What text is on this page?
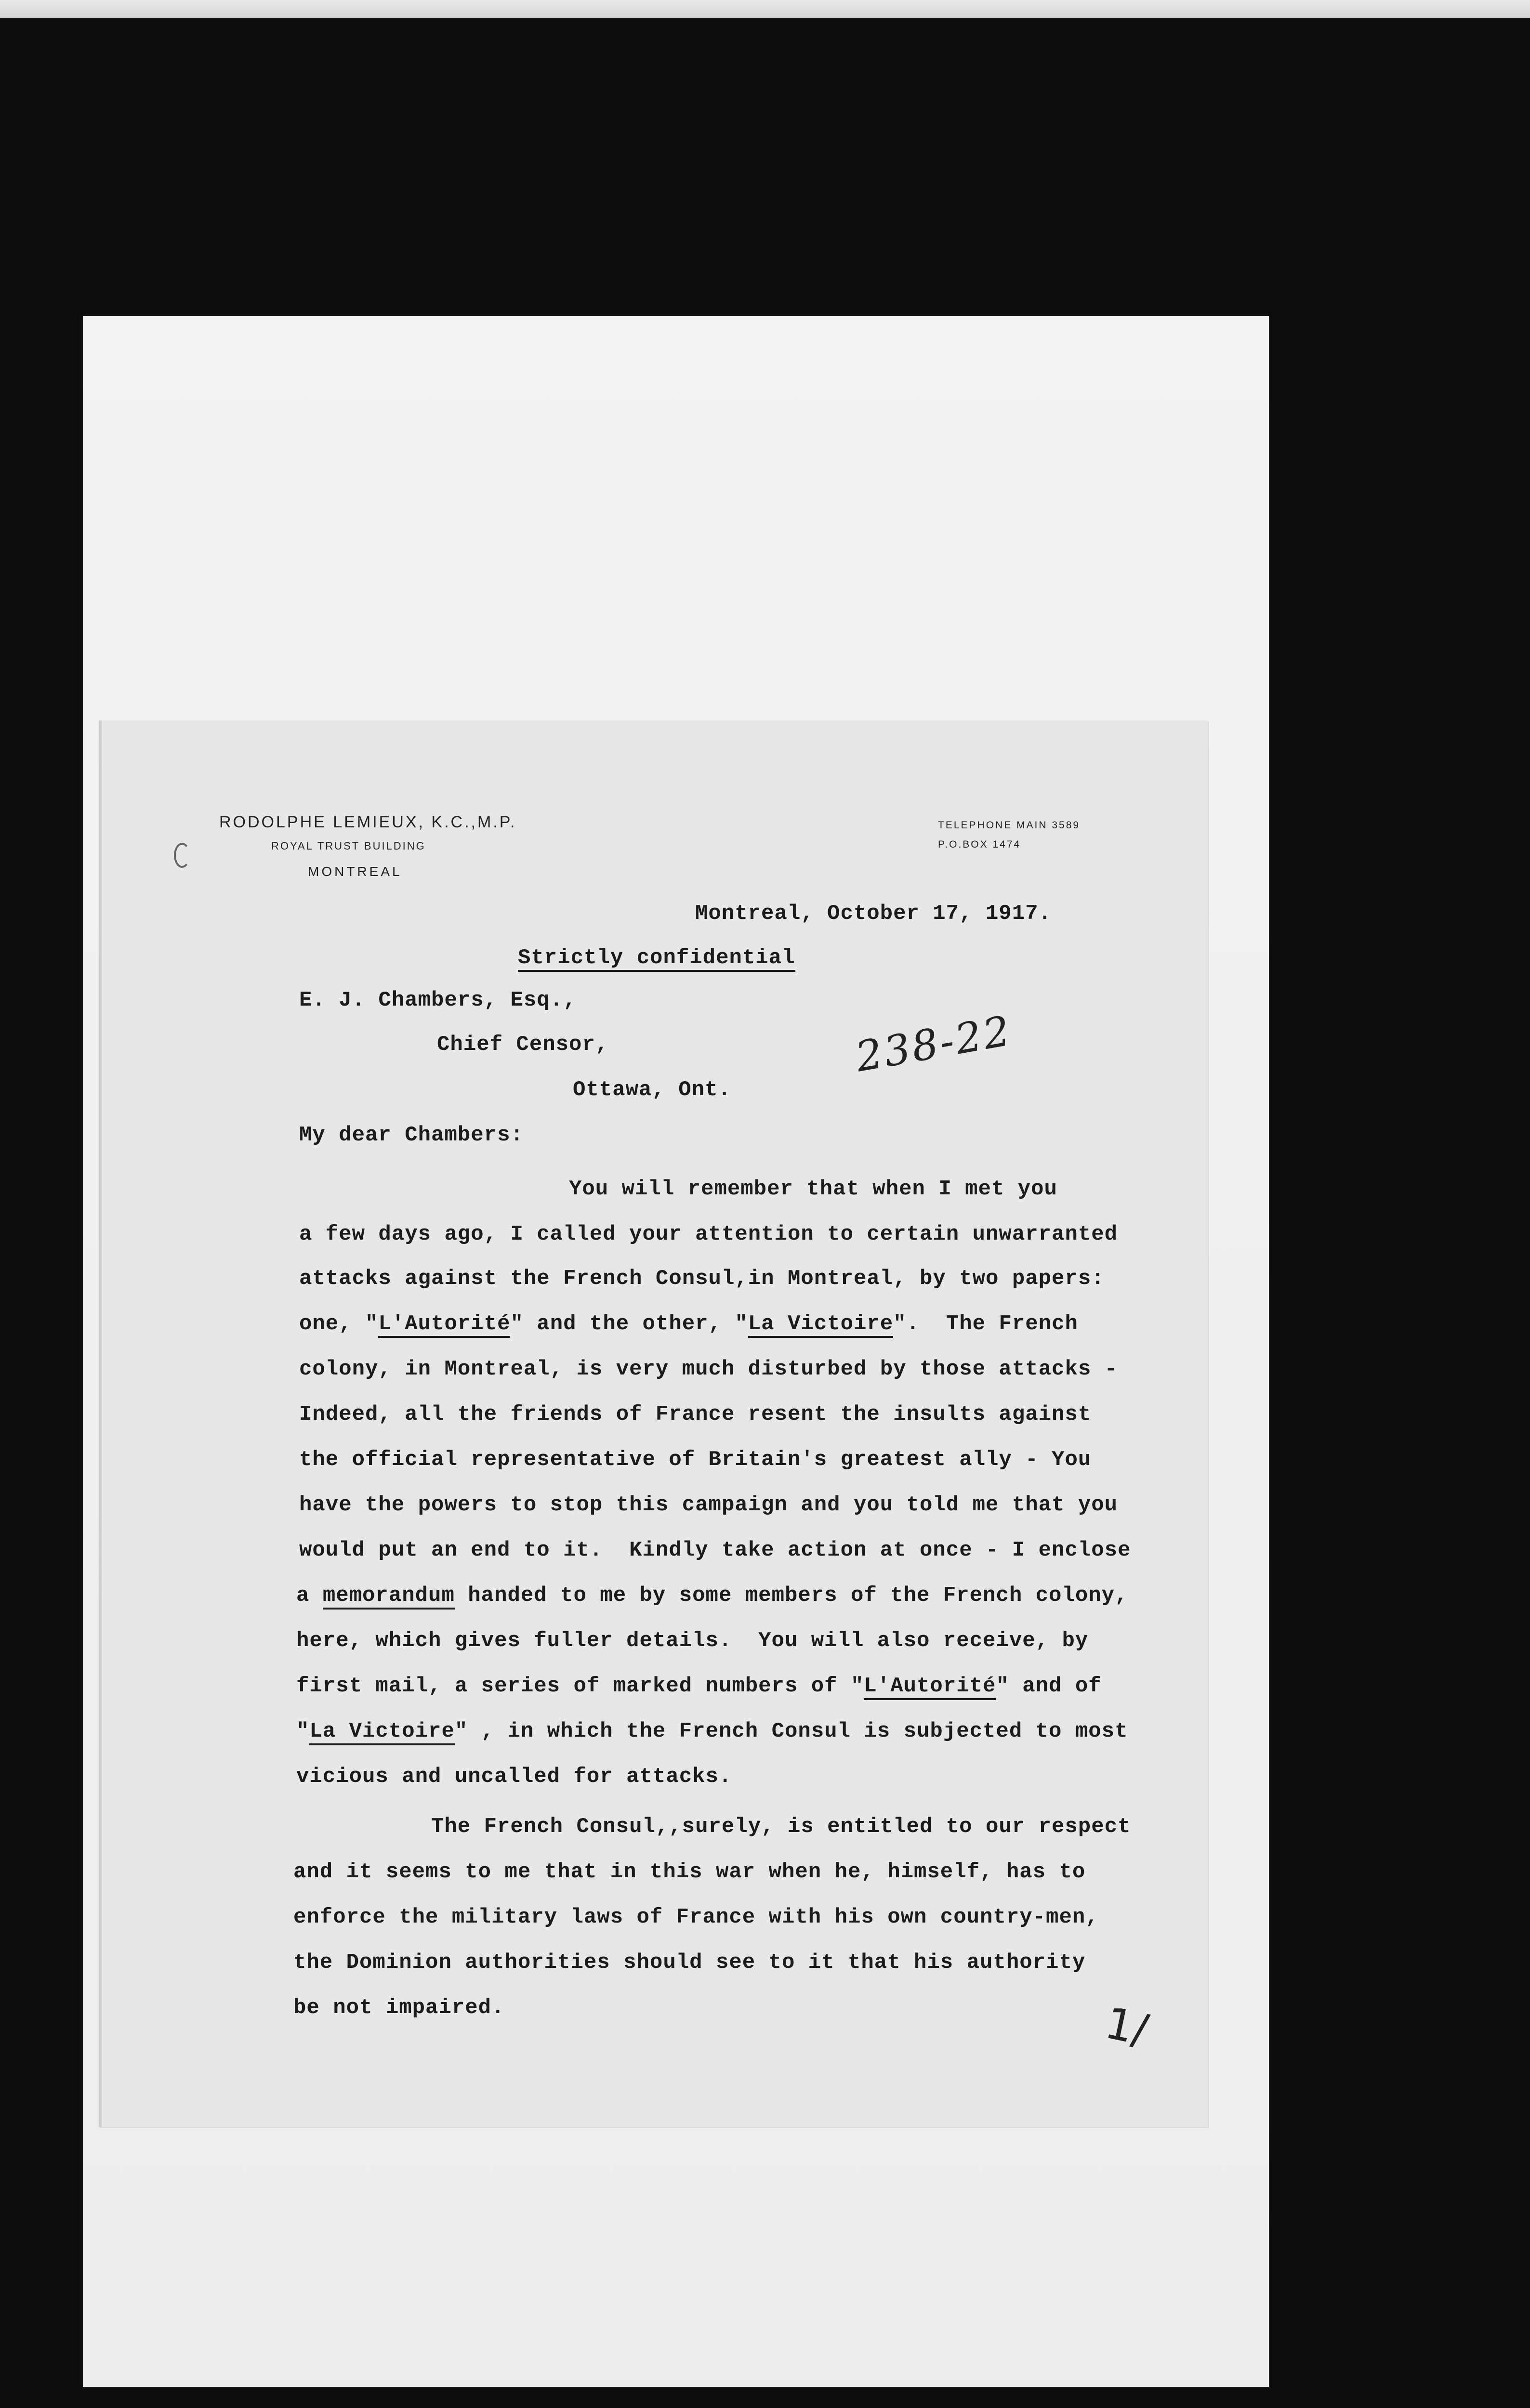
RODOLPHE LEMIEUX, K.C.,M.P.
ROYAL TRUST BUILDING
MONTREAL
TELEPHONE MAIN 3589
P.O.BOX 1474
Montreal, October 17, 1917.
Strictly confidential
E. J. Chambers, Esq.,
Chief Censor,
Ottawa, Ont.
238-22
My dear Chambers:
You will remember that when I met you
a few days ago, I called your attention to certain unwarranted
attacks against the French Consul,in Montreal, by two papers:
one, "L'Autorité" and the other, "La Victoire".  The French
colony, in Montreal, is very much disturbed by those attacks -
Indeed, all the friends of France resent the insults against
the official representative of Britain's greatest ally - You
have the powers to stop this campaign and you told me that you
would put an end to it.  Kindly take action at once - I enclose
a memorandum handed to me by some members of the French colony,
here, which gives fuller details.  You will also receive, by
first mail, a series of marked numbers of "L'Autorité" and of
"La Victoire" , in which the French Consul is subjected to most
vicious and uncalled for attacks.
The French Consul,,surely, is entitled to our respect
and it seems to me that in this war when he, himself, has to
enforce the military laws of France with his own country-men,
the Dominion authorities should see to it that his authority
be not impaired.	1/
